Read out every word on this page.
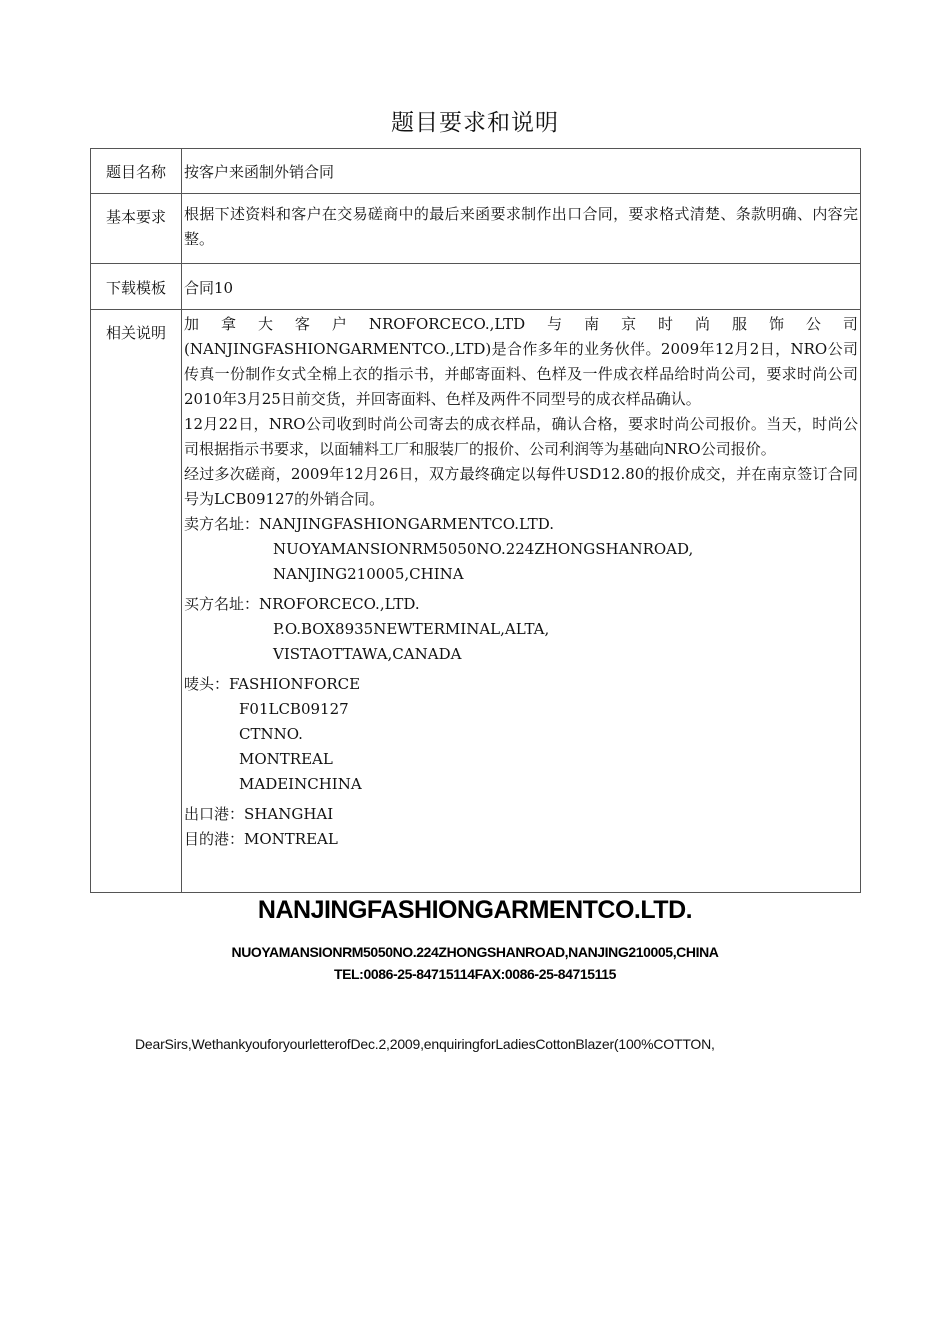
题目要求和说明
题目名称	按客户来函制外销合同
基本要求	根据下述资料和客户在交易磋商中的最后来函要求制作出口合同，要求格式清楚、条款明确、内容完整。
下载模板	合同10
相关说明	加 拿 大 客 户 NROFORCECO.,LTD 与 南 京 时 尚 服 饰 公 司

(NANJINGFASHIONGARMENTCO.,LTD)是合作多年的业务伙伴。2009年12月2日，NRO公司传真一份制作女式全棉上衣的指示书，并邮寄面料、色样及一件成衣样品给时尚公司，要求时尚公司2010年3月25日前交货，并回寄面料、色样及两件不同型号的成衣样品确认。

12月22日，NRO公司收到时尚公司寄去的成衣样品，确认合格，要求时尚公司报价。当天，时尚公司根据指示书要求，以面辅料工厂和服装厂的报价、公司利润等为基础向NRO公司报价。

经过多次磋商，2009年12月26日，双方最终确定以每件USD12.80的报价成交，并在南京签订合同号为LCB09127的外销合同。

卖方名址：NANJINGFASHIONGARMENTCO.LTD.
NUOYAMANSIONRM5050NO.224ZHONGSHANROAD,
NANJING210005,CHINA
买方名址：NROFORCECO.,LTD.
P.O.BOX8935NEWTERMINAL,ALTA,
VISTAOTTAWA,CANADA
唛头：FASHIONFORCE
F01LCB09127
CTNNO.
MONTREAL
MADEINCHINA
出口港：SHANGHAI
目的港：MONTREAL
NANJINGFASHIONGARMENTCO.LTD.
NUOYAMANSIONRM5050NO.224ZHONGSHANROAD,NANJING210005,CHINA
TEL:0086-25-84715114FAX:0086-25-84715115
DearSirs,WethankyouforyourletterofDec.2,2009,enquiringforLadiesCottonBlazer(100%COTTON,
